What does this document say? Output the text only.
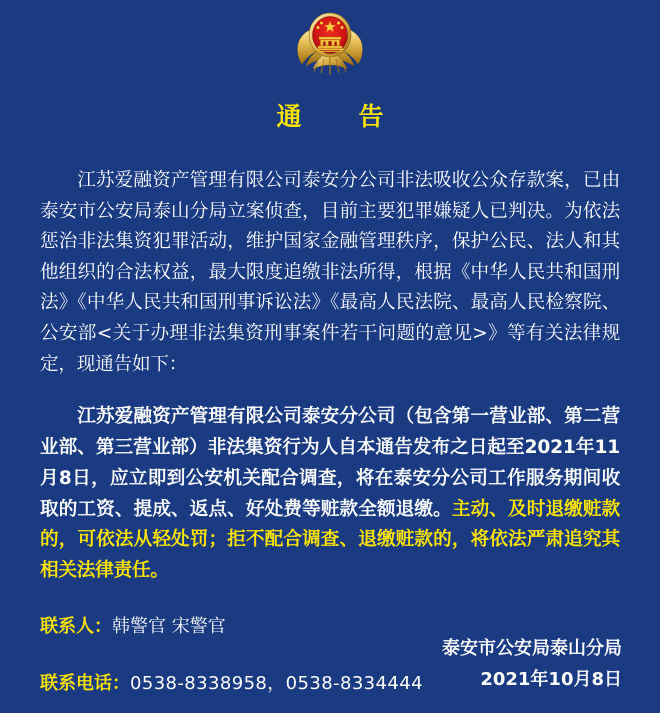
通　告

江苏爱融资产管理有限公司泰安分公司非法吸收公众存款案，已由泰安市公安局泰山分局立案侦查，目前主要犯罪嫌疑人已判决。为依法惩治非法集资犯罪活动，维护国家金融管理秩序，保护公民、法人和其他组织的合法权益，最大限度追缴非法所得，根据《中华人民共和国刑法》《中华人民共和国刑事诉讼法》《最高人民法院、最高人民检察院、公安部<关于办理非法集资刑事案件若干问题的意见>》等有关法律规定，现通告如下：

江苏爱融资产管理有限公司泰安分公司（包含第一营业部、第二营业部、第三营业部）非法集资行为人自本通告发布之日起至2021年11月8日，应立即到公安机关配合调查，将在泰安分公司工作服务期间收取的工资、提成、返点、好处费等赃款全额退缴。主动、及时退缴赃款的，可依法从轻处罚；拒不配合调查、退缴赃款的，将依法严肃追究其相关法律责任。

联系人：韩警官 宋警官

联系电话：0538-8338958，0538-8334444

泰安市公安局泰山分局
2021年10月8日
